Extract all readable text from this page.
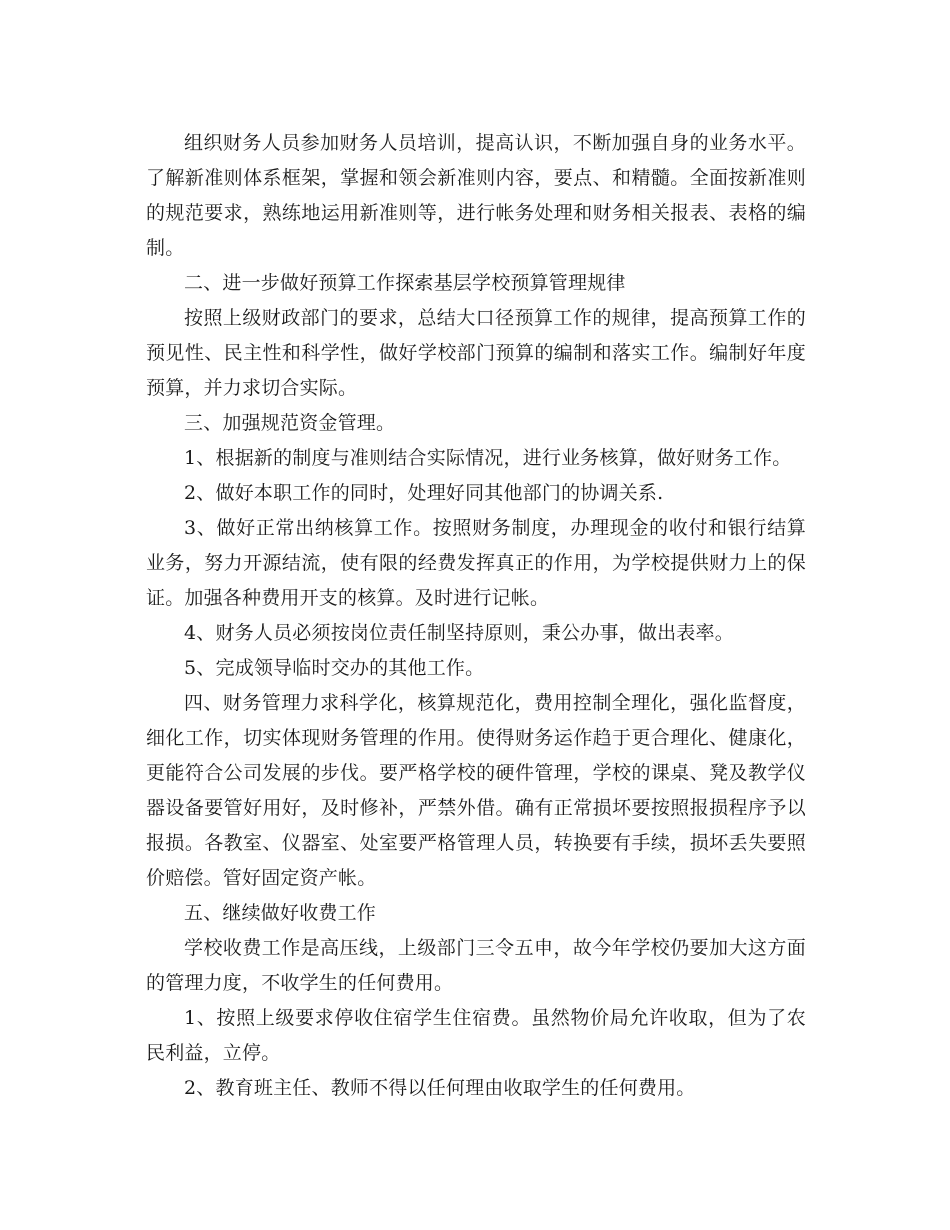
组织财务人员参加财务人员培训，提高认识，不断加强自身的业务水平。了解新准则体系框架，掌握和领会新准则内容，要点、和精髓。全面按新准则的规范要求，熟练地运用新准则等，进行帐务处理和财务相关报表、表格的编制。

二、进一步做好预算工作探索基层学校预算管理规律

按照上级财政部门的要求，总结大口径预算工作的规律，提高预算工作的预见性、民主性和科学性，做好学校部门预算的编制和落实工作。编制好年度预算，并力求切合实际。

三、加强规范资金管理。

1、根据新的制度与准则结合实际情况，进行业务核算，做好财务工作。

2、做好本职工作的同时，处理好同其他部门的协调关系.

3、做好正常出纳核算工作。按照财务制度，办理现金的收付和银行结算业务，努力开源结流，使有限的经费发挥真正的作用，为学校提供财力上的保证。加强各种费用开支的核算。及时进行记帐。

4、财务人员必须按岗位责任制坚持原则，秉公办事，做出表率。

5、完成领导临时交办的其他工作。

四、财务管理力求科学化，核算规范化，费用控制全理化，强化监督度，细化工作，切实体现财务管理的作用。使得财务运作趋于更合理化、健康化，更能符合公司发展的步伐。要严格学校的硬件管理，学校的课桌、凳及教学仪器设备要管好用好，及时修补，严禁外借。确有正常损坏要按照报损程序予以报损。各教室、仪器室、处室要严格管理人员，转换要有手续，损坏丢失要照价赔偿。管好固定资产帐。

五、继续做好收费工作

学校收费工作是高压线，上级部门三令五申，故今年学校仍要加大这方面的管理力度，不收学生的任何费用。

1、按照上级要求停收住宿学生住宿费。虽然物价局允许收取，但为了农民利益，立停。

2、教育班主任、教师不得以任何理由收取学生的任何费用。
